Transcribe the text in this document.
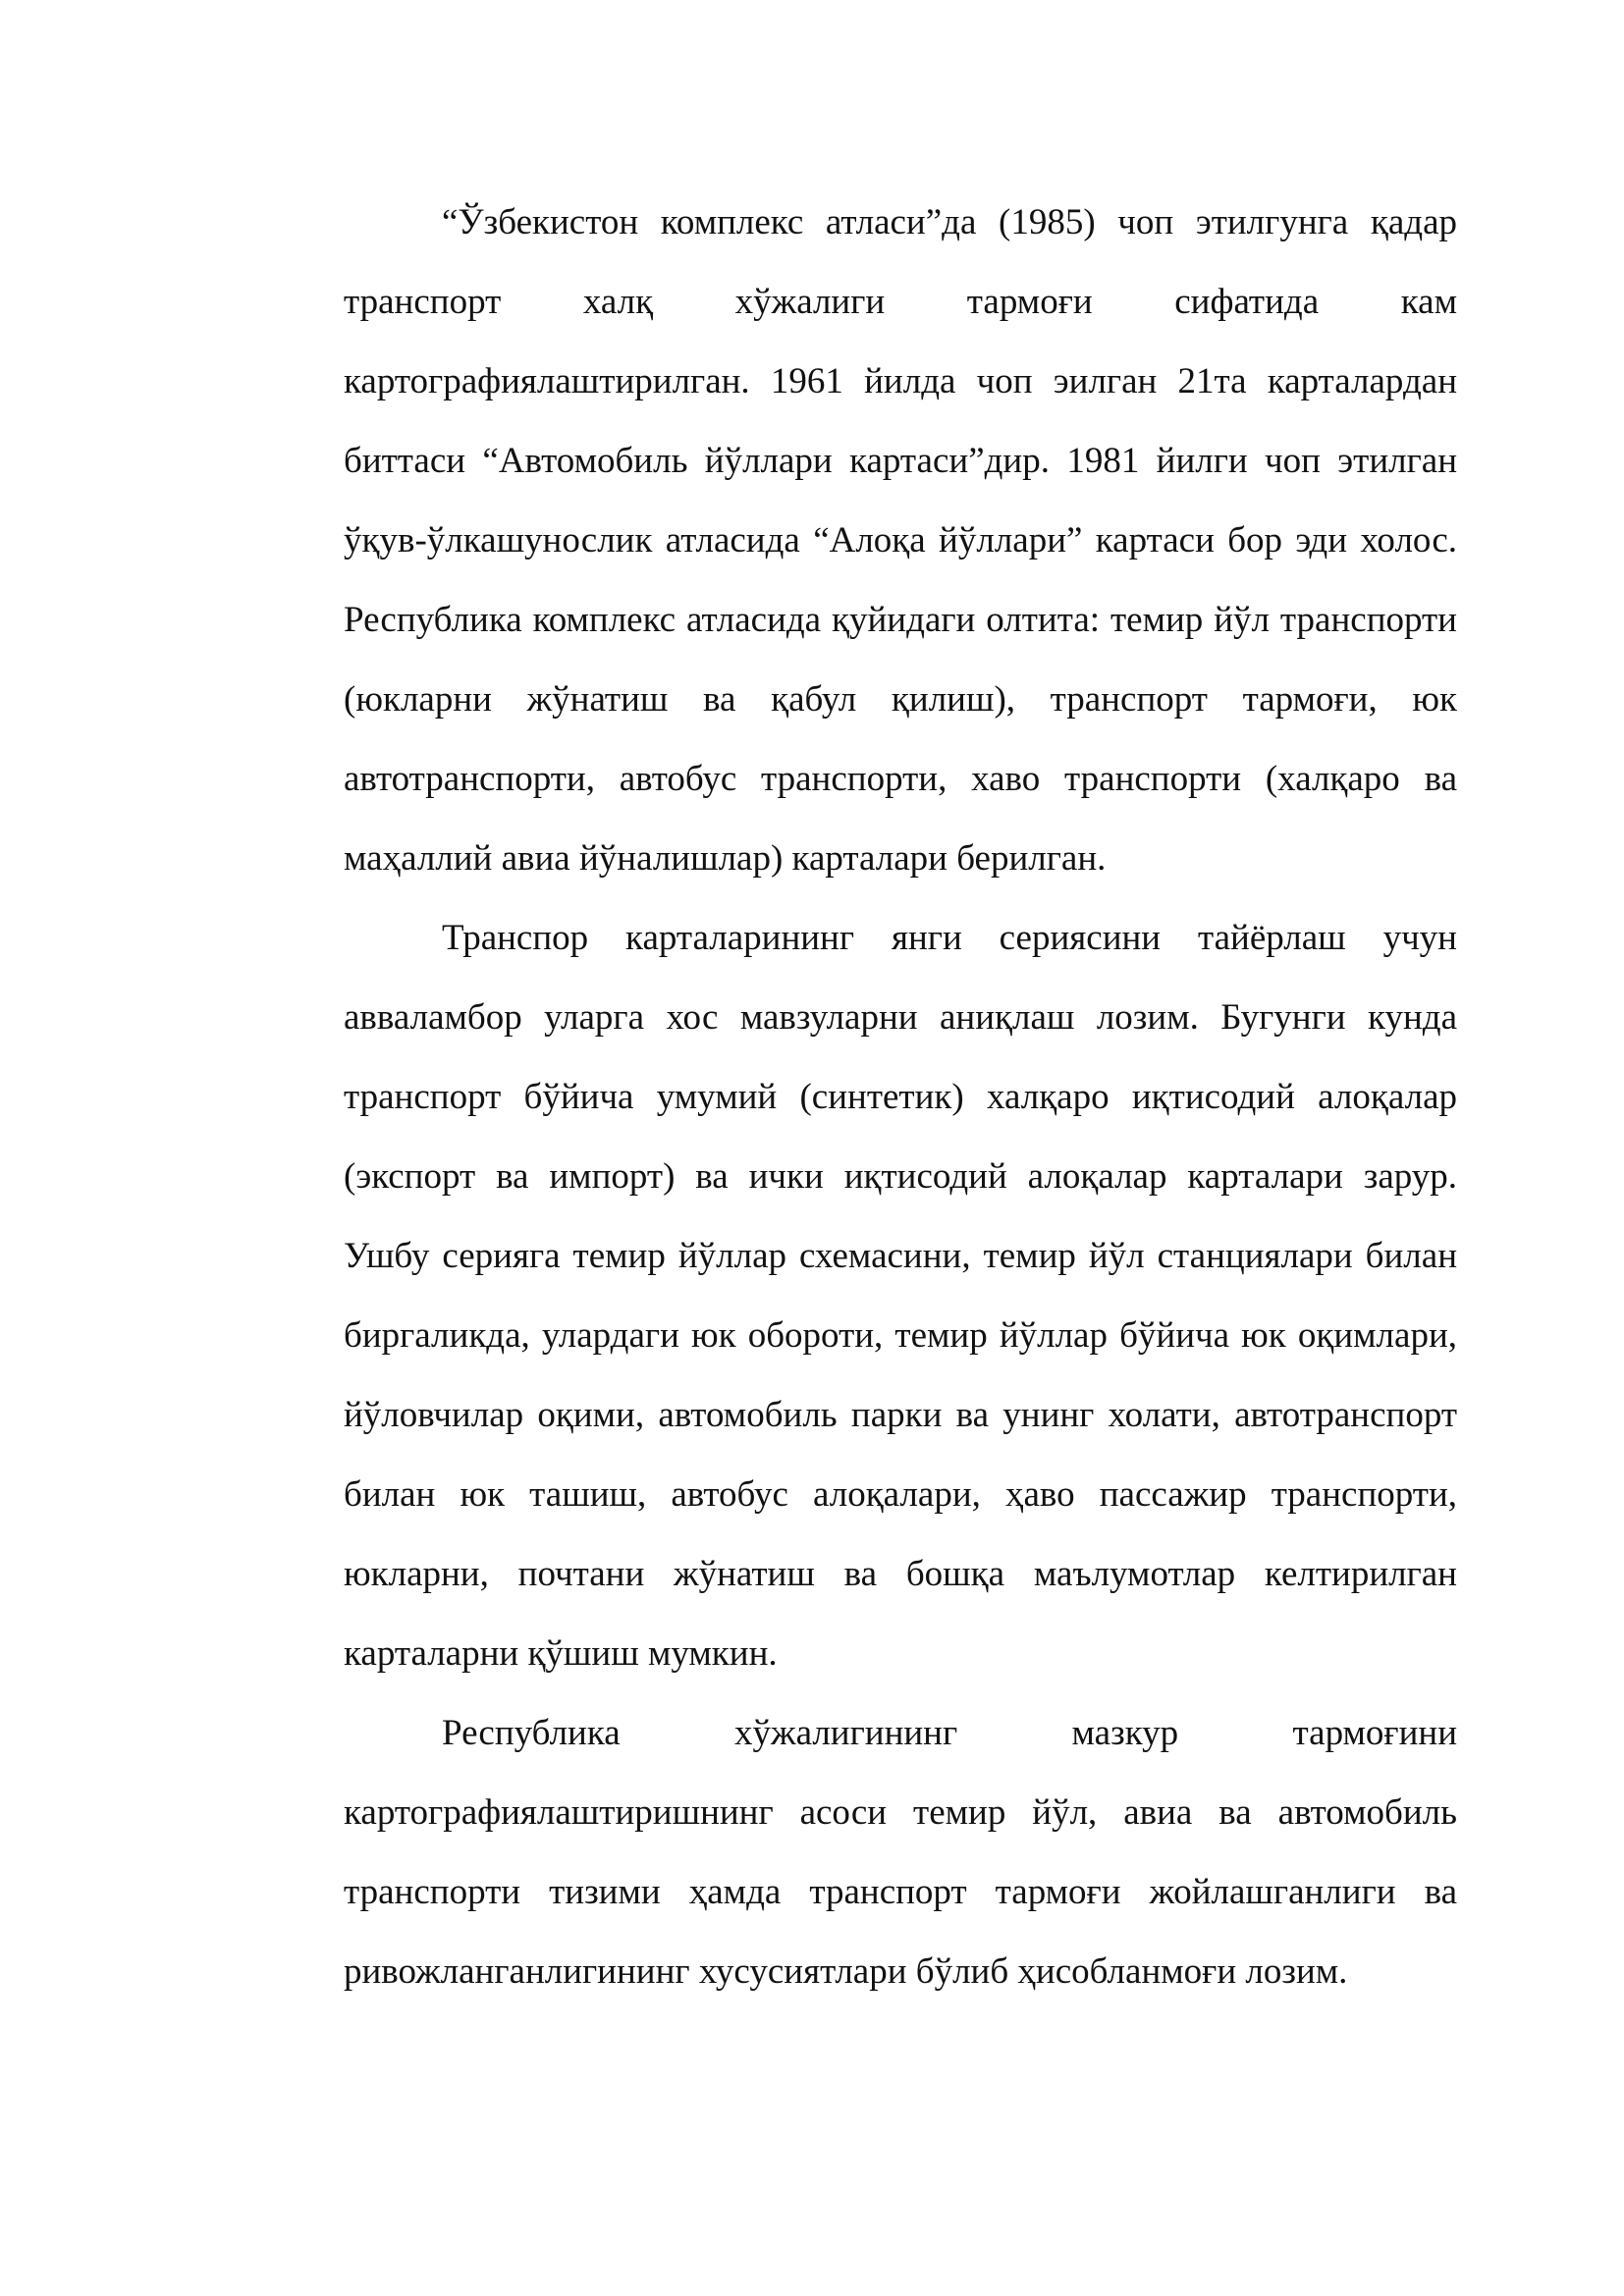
“Ўзбекистон комплекс атласи”да (1985) чоп этилгунга қадар транспорт халқ хўжалиги тармоғи сифатида кам картографиялаштирилган. 1961 йилда чоп эилган 21та карталардан биттаси “Автомобиль йўллари картаси”дир. 1981 йилги чоп этилган ўқув-ўлкашунослик атласида “Алоқа йўллари” картаси бор эди холос. Республика комплекс атласида қуйидаги олтита: темир йўл транспорти (юкларни жўнатиш ва қабул қилиш), транспорт тармоғи, юк автотранспорти, автобус транспорти, хаво транспорти (халқаро ва маҳаллий авиа йўналишлар) карталари берилган.

Транспор карталарининг янги сериясини тайёрлаш учун авваламбор уларга хос мавзуларни аниқлаш лозим. Бугунги кунда транспорт бўйича умумий (синтетик) халқаро иқтисодий алоқалар (экспорт ва импорт) ва ички иқтисодий алоқалар карталари зарур. Ушбу серияга темир йўллар схемасини, темир йўл станциялари билан биргаликда, улардаги юк обороти, темир йўллар бўйича юк оқимлари, йўловчилар оқими, автомобиль парки ва унинг холати, автотранспорт билан юк ташиш, автобус алоқалари, ҳаво пассажир транспорти, юкларни, почтани жўнатиш ва бошқа маълумотлар келтирилган карталарни қўшиш мумкин.

Республика хўжалигининг мазкур тармоғини картографиялаштиришнинг асоси темир йўл, авиа ва автомобиль транспорти тизими ҳамда транспорт тармоғи жойлашганлиги ва ривожланганлигининг хусусиятлари бўлиб ҳисобланмоғи лозим.
